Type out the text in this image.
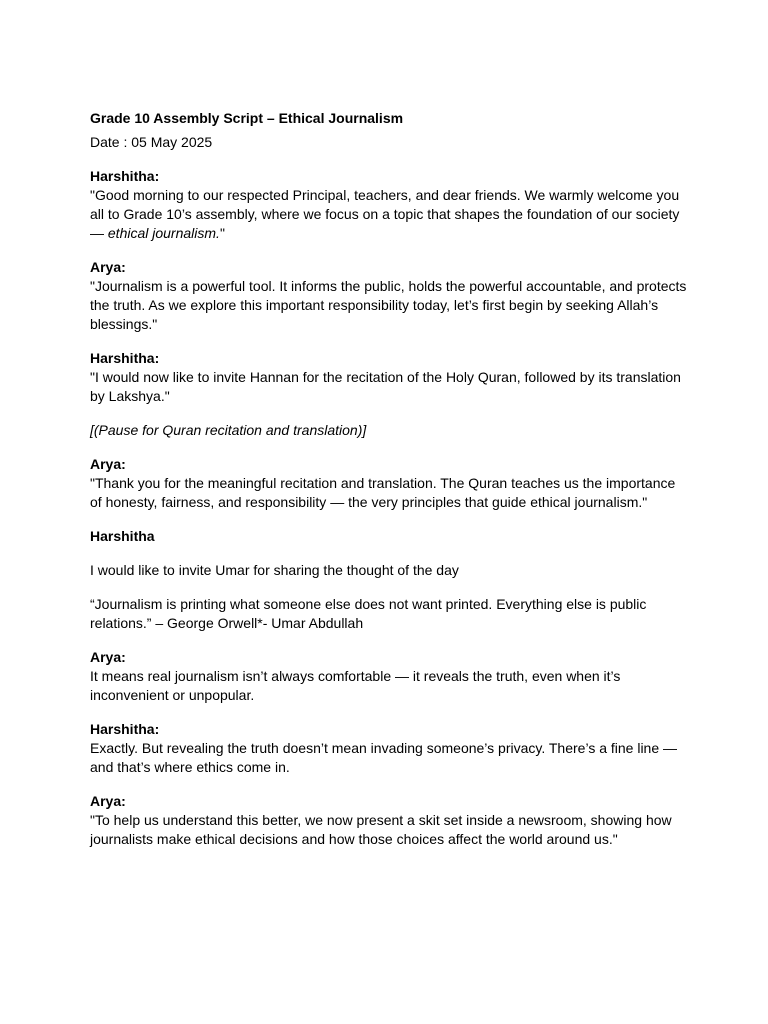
Grade 10 Assembly Script – Ethical Journalism

Date : 05 May 2025

Harshitha:
"Good morning to our respected Principal, teachers, and dear friends. We warmly welcome you all to Grade 10’s assembly, where we focus on a topic that shapes the foundation of our society — ethical journalism."
Arya:
"Journalism is a powerful tool. It informs the public, holds the powerful accountable, and protects the truth. As we explore this important responsibility today, let’s first begin by seeking Allah’s blessings."
Harshitha:
"I would now like to invite Hannan for the recitation of the Holy Quran, followed by its translation by Lakshya."

[(Pause for Quran recitation and translation)]

Arya:
"Thank you for the meaningful recitation and translation. The Quran teaches us the importance of honesty, fairness, and responsibility — the very principles that guide ethical journalism."
Harshitha

I would like to invite Umar for sharing the thought of the day

“Journalism is printing what someone else does not want printed. Everything else is public relations.” – George Orwell*- Umar Abdullah

Arya:
It means real journalism isn’t always comfortable — it reveals the truth, even when it’s inconvenient or unpopular.
Harshitha:
Exactly. But revealing the truth doesn’t mean invading someone’s privacy. There’s a fine line — and that’s where ethics come in.
Arya:
"To help us understand this better, we now present a skit set inside a newsroom, showing how journalists make ethical decisions and how those choices affect the world around us."
